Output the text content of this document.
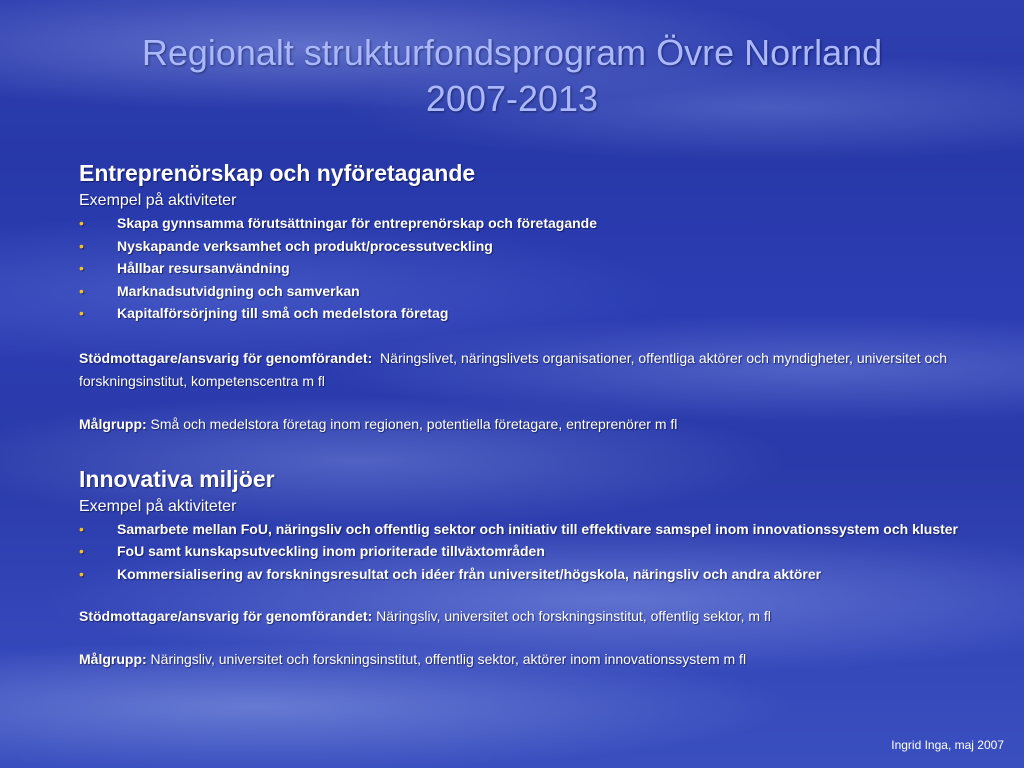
Regionalt strukturfondsprogram Övre Norrland
2007-2013
Entreprenörskap och nyföretagande
Exempel på aktiviteter
• Skapa gynnsamma förutsättningar för entreprenörskap och företagande
• Nyskapande verksamhet och produkt/processutveckling
• Hållbar resursanvändning
• Marknadsutvidgning och samverkan
• Kapitalförsörjning till små och medelstora företag
Stödmottagare/ansvarig för genomförandet: Näringslivet, näringslivets organisationer, offentliga aktörer och myndigheter, universitet och forskningsinstitut, kompetenscentra m fl
Målgrupp: Små och medelstora företag inom regionen, potentiella företagare, entreprenörer m fl
Innovativa miljöer
Exempel på aktiviteter
• Samarbete mellan FoU, näringsliv och offentlig sektor och initiativ till effektivare samspel inom innovationssystem och kluster
• FoU samt kunskapsutveckling inom prioriterade tillväxtområden
• Kommersialisering av forskningsresultat och idéer från universitet/högskola, näringsliv och andra aktörer
Stödmottagare/ansvarig för genomförandet: Näringsliv, universitet och forskningsinstitut, offentlig sektor, m fl
Målgrupp: Näringsliv, universitet och forskningsinstitut, offentlig sektor, aktörer inom innovationssystem m fl
Ingrid Inga, maj 2007
